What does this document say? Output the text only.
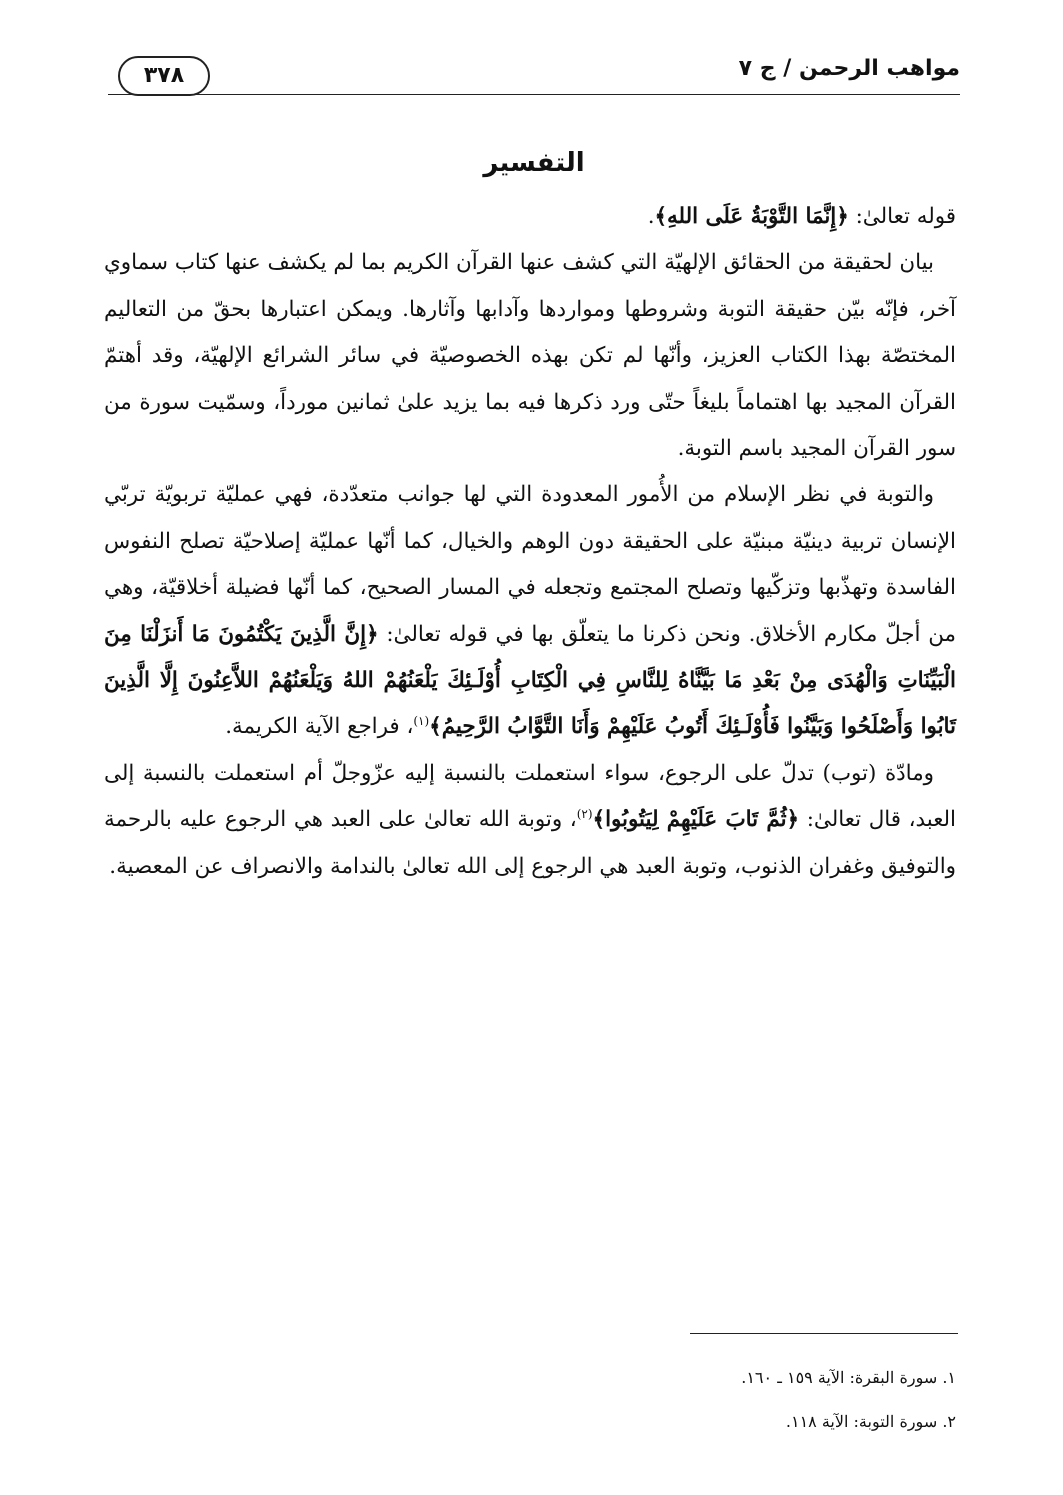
مواهب الرحمن / ج ٧
٣٧٨
التفسير

قوله تعالىٰ: ﴿إِنَّمَا التَّوْبَةُ عَلَى اللهِ﴾.

بيان لحقيقة من الحقائق الإلهيّة التي كشف عنها القرآن الكريم بما لم يكشف عنها كتاب سماوي آخر، فإنّه بيّن حقيقة التوبة وشروطها ومواردها وآدابها وآثارها. ويمكن اعتبارها بحقّ من التعاليم المختصّة بهذا الكتاب العزيز، وأنّها لم تكن بهذه الخصوصيّة في سائر الشرائع الإلهيّة، وقد أهتمّ القرآن المجيد بها اهتماماً بليغاً حتّى ورد ذكرها فيه بما يزيد علىٰ ثمانين مورداً، وسمّيت سورة من سور القرآن المجيد باسم التوبة.

والتوبة في نظر الإسلام من الأُمور المعدودة التي لها جوانب متعدّدة، فهي عمليّة تربويّة تربّي الإنسان تربية دينيّة مبنيّة على الحقيقة دون الوهم والخيال، كما أنّها عمليّة إصلاحيّة تصلح النفوس الفاسدة وتهذّبها وتزكّيها وتصلح المجتمع وتجعله في المسار الصحيح، كما أنّها فضيلة أخلاقيّة، وهي من أجلّ مكارم الأخلاق. ونحن ذكرنا ما يتعلّق بها في قوله تعالىٰ: ﴿إِنَّ الَّذِينَ يَكْتُمُونَ مَا أَنزَلْنَا مِنَ الْبَيِّنَاتِ وَالْهُدَى مِنْ بَعْدِ مَا بَيَّنَّاهُ لِلنَّاسِ فِي الْكِتَابِ أُوْلَـئِكَ يَلْعَنُهُمْ اللهُ وَيَلْعَنُهُمْ اللاَّعِنُونَ إِلَّا الَّذِينَ تَابُوا وَأَصْلَحُوا وَبَيَّنُوا فَأُوْلَـئِكَ أَتُوبُ عَلَيْهِمْ وَأَنَا التَّوَّابُ الرَّحِيمُ﴾$^{(١)}$، فراجع الآية الكريمة.

ومادّة (توب) تدلّ على الرجوع، سواء استعملت بالنسبة إليه عزّوجلّ أم استعملت بالنسبة إلى العبد، قال تعالىٰ: ﴿ثُمَّ تَابَ عَلَيْهِمْ لِيَتُوبُوا﴾$^{(٢)}$، وتوبة الله تعالىٰ على العبد هي الرجوع عليه بالرحمة والتوفيق وغفران الذنوب، وتوبة العبد هي الرجوع إلى الله تعالىٰ بالندامة والانصراف عن المعصية.

١. سورة البقرة: الآية ١٥٩ ـ ١٦٠.

٢. سورة التوبة: الآية ١١٨.
